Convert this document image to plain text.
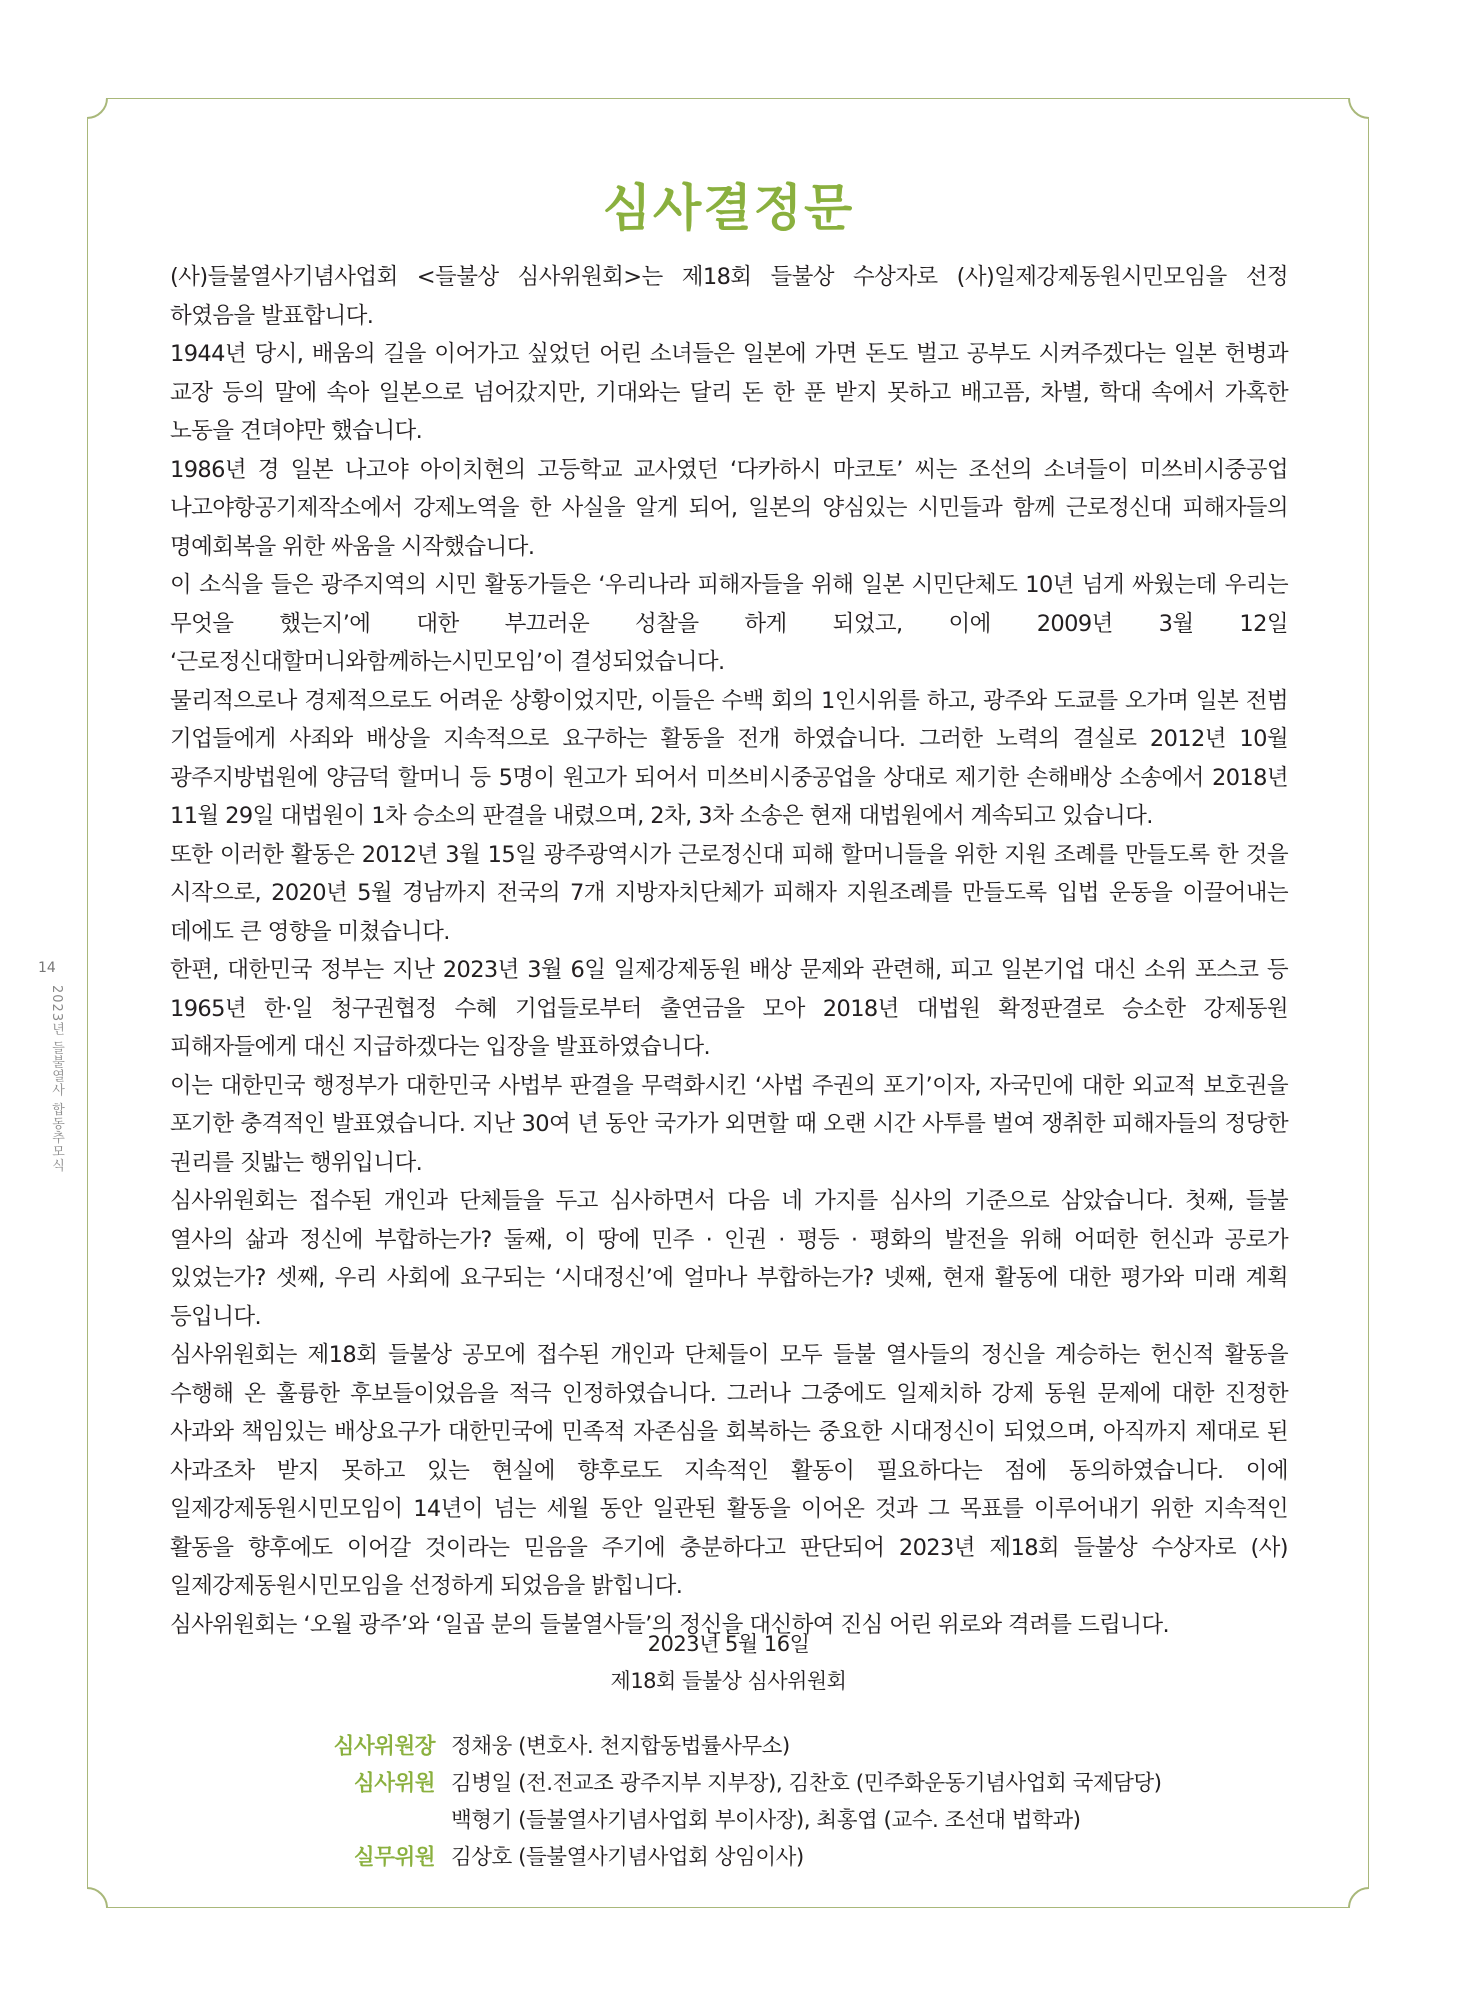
14
2023년 들불열사 합동추모식
심사결정문

(사)들불열사기념사업회 <들불상 심사위원회>는 제18회 들불상 수상자로 (사)일제강제동원시민모임을 선정 하였음을 발표합니다.

1944년 당시, 배움의 길을 이어가고 싶었던 어린 소녀들은 일본에 가면 돈도 벌고 공부도 시켜주겠다는 일본 헌병과 교장 등의 말에 속아 일본으로 넘어갔지만, 기대와는 달리 돈 한 푼 받지 못하고 배고픔, 차별, 학대 속에서 가혹한 노동을 견뎌야만 했습니다.

1986년 경 일본 나고야 아이치현의 고등학교 교사였던 ‘다카하시 마코토’ 씨는 조선의 소녀들이 미쓰비시중공업 나고야항공기제작소에서 강제노역을 한 사실을 알게 되어, 일본의 양심있는 시민들과 함께 근로정신대 피해자들의 명예회복을 위한 싸움을 시작했습니다.

이 소식을 들은 광주지역의 시민 활동가들은 ‘우리나라 피해자들을 위해 일본 시민단체도 10년 넘게 싸웠는데 우리는 무엇을 했는지’에 대한 부끄러운 성찰을 하게 되었고, 이에 2009년 3월 12일 ‘근로정신대할머니와함께하는시민모임’이 결성되었습니다.

물리적으로나 경제적으로도 어려운 상황이었지만, 이들은 수백 회의 1인시위를 하고, 광주와 도쿄를 오가며 일본 전범 기업들에게 사죄와 배상을 지속적으로 요구하는 활동을 전개 하였습니다. 그러한 노력의 결실로 2012년 10월 광주지방법원에 양금덕 할머니 등 5명이 원고가 되어서 미쓰비시중공업을 상대로 제기한 손해배상 소송에서 2018년 11월 29일 대법원이 1차 승소의 판결을 내렸으며, 2차, 3차 소송은 현재 대법원에서 계속되고 있습니다.

또한 이러한 활동은 2012년 3월 15일 광주광역시가 근로정신대 피해 할머니들을 위한 지원 조례를 만들도록 한 것을 시작으로, 2020년 5월 경남까지 전국의 7개 지방자치단체가 피해자 지원조례를 만들도록 입법 운동을 이끌어내는 데에도 큰 영향을 미쳤습니다.

한편, 대한민국 정부는 지난 2023년 3월 6일 일제강제동원 배상 문제와 관련해, 피고 일본기업 대신 소위 포스코 등 1965년 한·일 청구권협정 수혜 기업들로부터 출연금을 모아 2018년 대법원 확정판결로 승소한 강제동원 피해자들에게 대신 지급하겠다는 입장을 발표하였습니다.

이는 대한민국 행정부가 대한민국 사법부 판결을 무력화시킨 ‘사법 주권의 포기’이자, 자국민에 대한 외교적 보호권을 포기한 충격적인 발표였습니다. 지난 30여 년 동안 국가가 외면할 때 오랜 시간 사투를 벌여 쟁취한 피해자들의 정당한 권리를 짓밟는 행위입니다.

심사위원회는 접수된 개인과 단체들을 두고 심사하면서 다음 네 가지를 심사의 기준으로 삼았습니다. 첫째, 들불 열사의 삶과 정신에 부합하는가? 둘째, 이 땅에 민주 · 인권 · 평등 · 평화의 발전을 위해 어떠한 헌신과 공로가 있었는가? 셋째, 우리 사회에 요구되는 ‘시대정신’에 얼마나 부합하는가? 넷째, 현재 활동에 대한 평가와 미래 계획 등입니다.

심사위원회는 제18회 들불상 공모에 접수된 개인과 단체들이 모두 들불 열사들의 정신을 계승하는 헌신적 활동을 수행해 온 훌륭한 후보들이었음을 적극 인정하였습니다. 그러나 그중에도 일제치하 강제 동원 문제에 대한 진정한 사과와 책임있는 배상요구가 대한민국에 민족적 자존심을 회복하는 중요한 시대정신이 되었으며, 아직까지 제대로 된 사과조차 받지 못하고 있는 현실에 향후로도 지속적인 활동이 필요하다는 점에 동의하였습니다. 이에 일제강제동원시민모임이 14년이 넘는 세월 동안 일관된 활동을 이어온 것과 그 목표를 이루어내기 위한 지속적인 활동을 향후에도 이어갈 것이라는 믿음을 주기에 충분하다고 판단되어 2023년 제18회 들불상 수상자로 (사)일제강제동원시민모임을 선정하게 되었음을 밝힙니다.

심사위원회는 ‘오월 광주’와 ‘일곱 분의 들불열사들’의 정신을 대신하여 진심 어린 위로와 격려를 드립니다.

2023년 5월 16일
제18회 들불상 심사위원회
심사위원장 정채웅 (변호사. 천지합동법률사무소)
심사위원 김병일 (전.전교조 광주지부 지부장), 김찬호 (민주화운동기념사업회 국제담당)
백형기 (들불열사기념사업회 부이사장), 최홍엽 (교수. 조선대 법학과)
실무위원 김상호 (들불열사기념사업회 상임이사)
